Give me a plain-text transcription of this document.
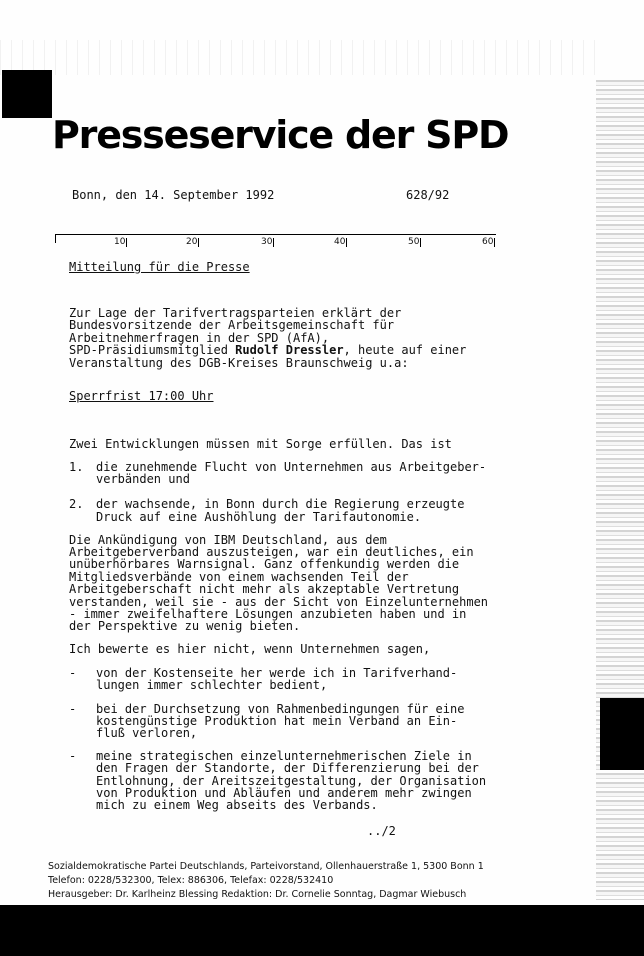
Presseservice der SPD
Bonn, den 14. September 1992	628/92
10	20	30	40	50	60
Mitteilung für die Presse
Zur Lage der Tarifvertragsparteien erklärt der
Bundesvorsitzende der Arbeitsgemeinschaft für
Arbeitnehmerfragen in der SPD (AfA),
SPD-Präsidiumsmitglied Rudolf Dressler, heute auf einer
Veranstaltung des DGB-Kreises Braunschweig u.a:
Sperrfrist 17:00 Uhr
Zwei Entwicklungen müssen mit Sorge erfüllen. Das ist
1. die zunehmende Flucht von Unternehmen aus Arbeitgeber-
verbänden und
2. der wachsende, in Bonn durch die Regierung erzeugte
Druck auf eine Aushöhlung der Tarifautonomie.
Die Ankündigung von IBM Deutschland, aus dem
Arbeitgeberverband auszusteigen, war ein deutliches, ein
unüberhörbares Warnsignal. Ganz offenkundig werden die
Mitgliedsverbände von einem wachsenden Teil der
Arbeitgeberschaft nicht mehr als akzeptable Vertretung
verstanden, weil sie - aus der Sicht von Einzelunternehmen
- immer zweifelhaftere Lösungen anzubieten haben und in
der Perspektive zu wenig bieten.
Ich bewerte es hier nicht, wenn Unternehmen sagen,
- von der Kostenseite her werde ich in Tarifverhand-
lungen immer schlechter bedient,
- bei der Durchsetzung von Rahmenbedingungen für eine
kostengünstige Produktion hat mein Verband an Ein-
fluß verloren,
- meine strategischen einzelunternehmerischen Ziele in
den Fragen der Standorte, der Differenzierung bei der
Entlohnung, der Areitszeitgestaltung, der Organisation
von Produktion und Abläufen und anderem mehr zwingen
mich zu einem Weg abseits des Verbands.
../2
Sozialdemokratische Partei Deutschlands, Parteivorstand, Ollenhauerstraße 1, 5300 Bonn 1
Telefon: 0228/532300, Telex: 886306, Telefax: 0228/532410
Herausgeber: Dr. Karlheinz Blessing Redaktion: Dr. Cornelie Sonntag, Dagmar Wiebusch
